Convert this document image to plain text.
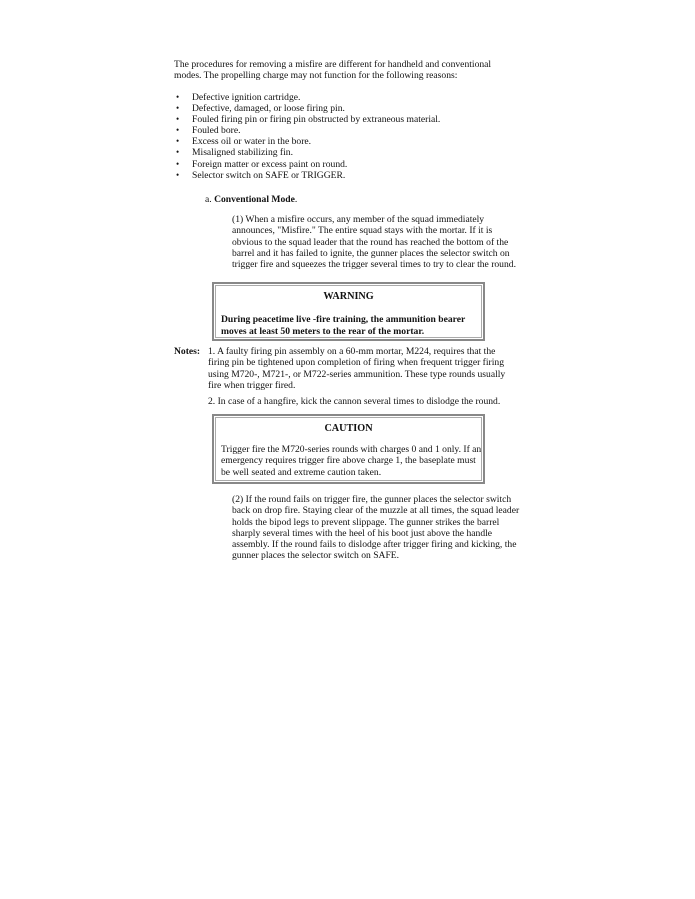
The procedures for removing a misfire are different for handheld and conventional modes. The propelling charge may not function for the following reasons:
• Defective ignition cartridge.
• Defective, damaged, or loose firing pin.
• Fouled firing pin or firing pin obstructed by extraneous material.
• Fouled bore.
• Excess oil or water in the bore.
• Misaligned stabilizing fin.
• Foreign matter or excess paint on round.
• Selector switch on SAFE or TRIGGER.
a. Conventional Mode.
(1) When a misfire occurs, any member of the squad immediately announces, "Misfire." The entire squad stays with the mortar. If it is obvious to the squad leader that the round has reached the bottom of the barrel and it has failed to ignite, the gunner places the selector switch on trigger fire and squeezes the trigger several times to try to clear the round.
WARNING
During peacetime live -fire training, the ammunition bearer moves at least 50 meters to the rear of the mortar.
Notes: 1. A faulty firing pin assembly on a 60-mm mortar, M224, requires that the firing pin be tightened upon completion of firing when frequent trigger firing using M720-, M721-, or M722-series ammunition. These type rounds usually fire when trigger fired.
2. In case of a hangfire, kick the cannon several times to dislodge the round.
CAUTION
Trigger fire the M720-series rounds with charges 0 and 1 only. If an emergency requires trigger fire above charge 1, the baseplate must be well seated and extreme caution taken.
(2) If the round fails on trigger fire, the gunner places the selector switch back on drop fire. Staying clear of the muzzle at all times, the squad leader holds the bipod legs to prevent slippage. The gunner strikes the barrel sharply several times with the heel of his boot just above the handle assembly. If the round fails to dislodge after trigger firing and kicking, the gunner places the selector switch on SAFE.
